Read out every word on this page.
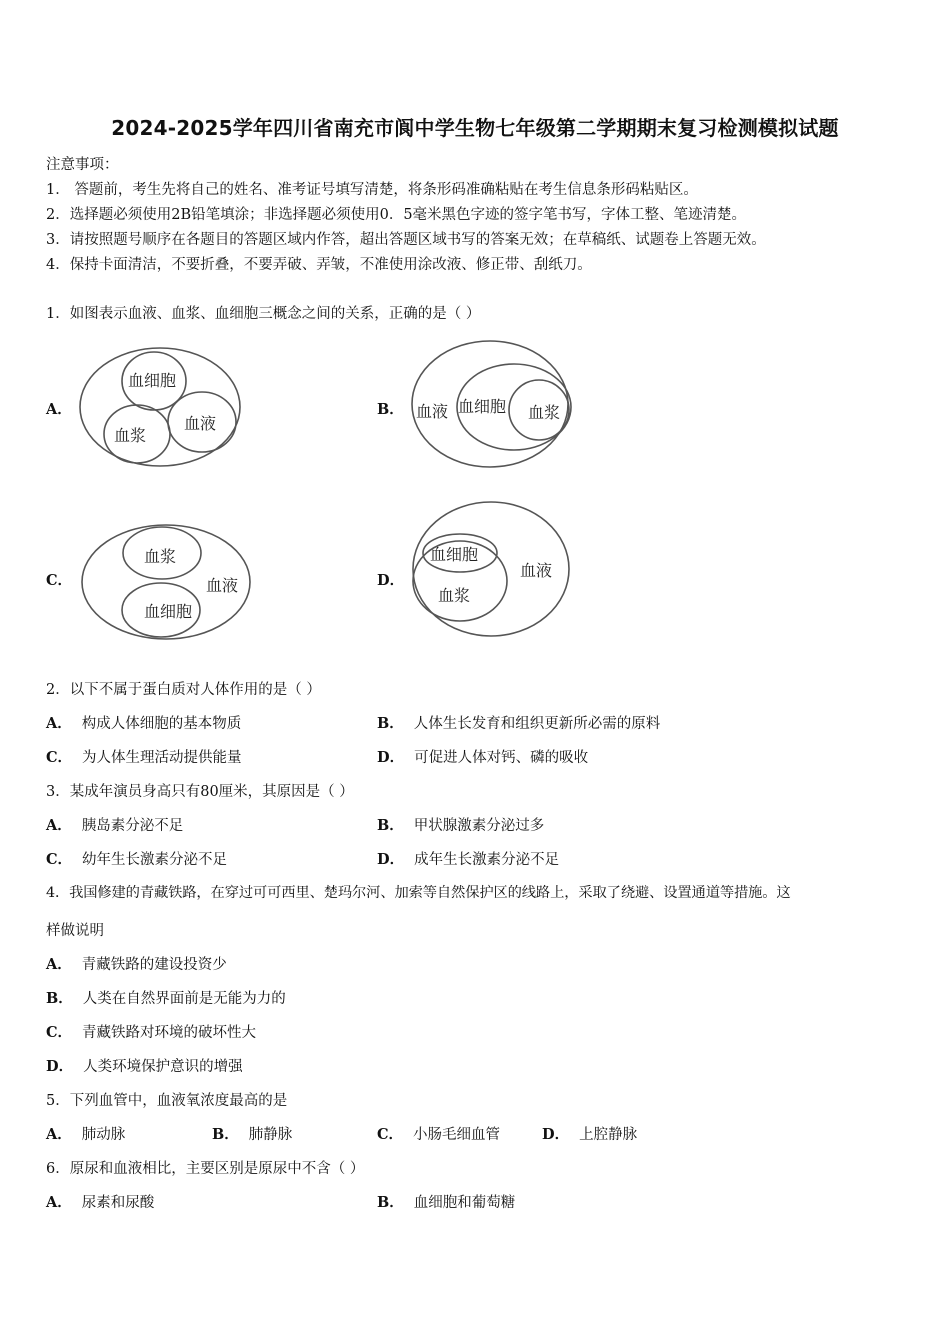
2024-2025学年四川省南充市阆中学生物七年级第二学期期末复习检测模拟试题
注意事项：
1． 答题前，考生先将自己的姓名、准考证号填写清楚，将条形码准确粘贴在考生信息条形码粘贴区。
2．选择题必须使用2B铅笔填涂；非选择题必须使用0．5毫米黑色字迹的签字笔书写，字体工整、笔迹清楚。
3．请按照题号顺序在各题目的答题区域内作答，超出答题区域书写的答案无效；在草稿纸、试题卷上答题无效。
4．保持卡面清洁，不要折叠，不要弄破、弄皱，不准使用涂改液、修正带、刮纸刀。
1．如图表示血液、血浆、血细胞三概念之间的关系，正确的是（ ）
A．
血细胞
血浆
血液
B． 血液 血细胞 血浆
C．
血浆
血液
血细胞
D．
血细胞
血液
血浆
2．以下不属于蛋白质对人体作用的是（ ）
A． 构成人体细胞的基本物质	B． 人体生长发育和组织更新所必需的原料
C． 为人体生理活动提供能量	D． 可促进人体对钙、磷的吸收
3．某成年演员身高只有80厘米，其原因是（ ）
A． 胰岛素分泌不足	B． 甲状腺激素分泌过多
C． 幼年生长激素分泌不足	D． 成年生长激素分泌不足
4．我国修建的青藏铁路，在穿过可可西里、楚玛尔河、加索等自然保护区的线路上，采取了绕避、设置通道等措施。这
样做说明
A． 青藏铁路的建设投资少
B． 人类在自然界面前是无能为力的
C． 青藏铁路对环境的破坏性大
D． 人类环境保护意识的增强
5．下列血管中，血液氧浓度最高的是
A． 肺动脉	B． 肺静脉	C． 小肠毛细血管	D． 上腔静脉
6．原尿和血液相比，主要区别是原尿中不含（ ）
A． 尿素和尿酸	B． 血细胞和葡萄糖
